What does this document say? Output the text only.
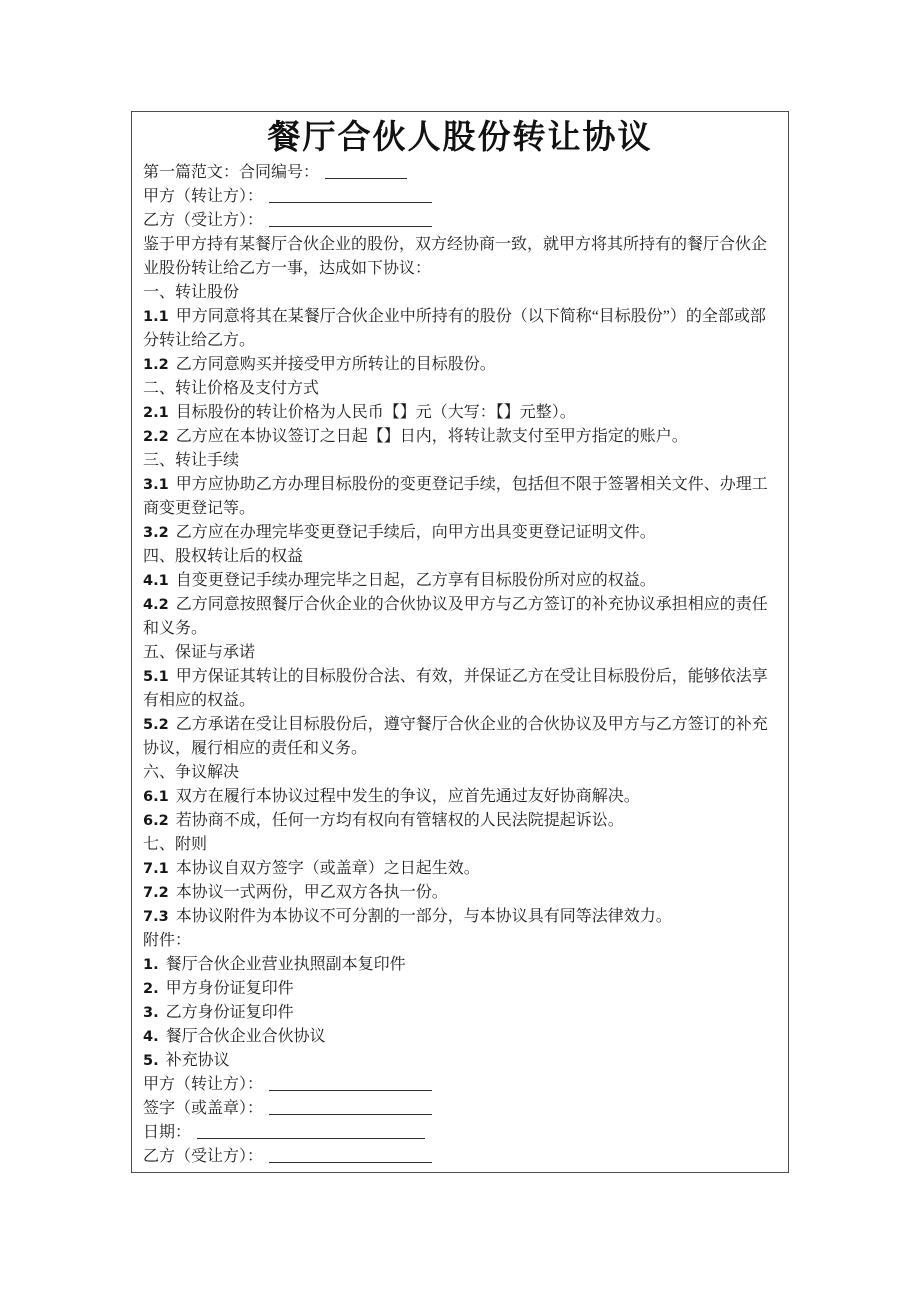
餐厅合伙人股份转让协议

第一篇范文：合同编号：

甲方（转让方）：

乙方（受让方）：

鉴于甲方持有某餐厅合伙企业的股份，双方经协商一致，就甲方将其所持有的餐厅合伙企业股份转让给乙方一事，达成如下协议：

一、转让股份

1.1 甲方同意将其在某餐厅合伙企业中所持有的股份（以下简称“目标股份”）的全部或部分转让给乙方。

1.2 乙方同意购买并接受甲方所转让的目标股份。

二、转让价格及支付方式

2.1 目标股份的转让价格为人民币【】元（大写：【】元整）。

2.2 乙方应在本协议签订之日起【】日内，将转让款支付至甲方指定的账户。

三、转让手续

3.1 甲方应协助乙方办理目标股份的变更登记手续，包括但不限于签署相关文件、办理工商变更登记等。

3.2 乙方应在办理完毕变更登记手续后，向甲方出具变更登记证明文件。

四、股权转让后的权益

4.1 自变更登记手续办理完毕之日起，乙方享有目标股份所对应的权益。

4.2 乙方同意按照餐厅合伙企业的合伙协议及甲方与乙方签订的补充协议承担相应的责任和义务。

五、保证与承诺

5.1 甲方保证其转让的目标股份合法、有效，并保证乙方在受让目标股份后，能够依法享有相应的权益。

5.2 乙方承诺在受让目标股份后，遵守餐厅合伙企业的合伙协议及甲方与乙方签订的补充协议，履行相应的责任和义务。

六、争议解决

6.1 双方在履行本协议过程中发生的争议，应首先通过友好协商解决。

6.2 若协商不成，任何一方均有权向有管辖权的人民法院提起诉讼。

七、附则

7.1 本协议自双方签字（或盖章）之日起生效。

7.2 本协议一式两份，甲乙双方各执一份。

7.3 本协议附件为本协议不可分割的一部分，与本协议具有同等法律效力。

附件：

1. 餐厅合伙企业营业执照副本复印件

2. 甲方身份证复印件

3. 乙方身份证复印件

4. 餐厅合伙企业合伙协议

5. 补充协议

甲方（转让方）：

签字（或盖章）：

日期：

乙方（受让方）：
